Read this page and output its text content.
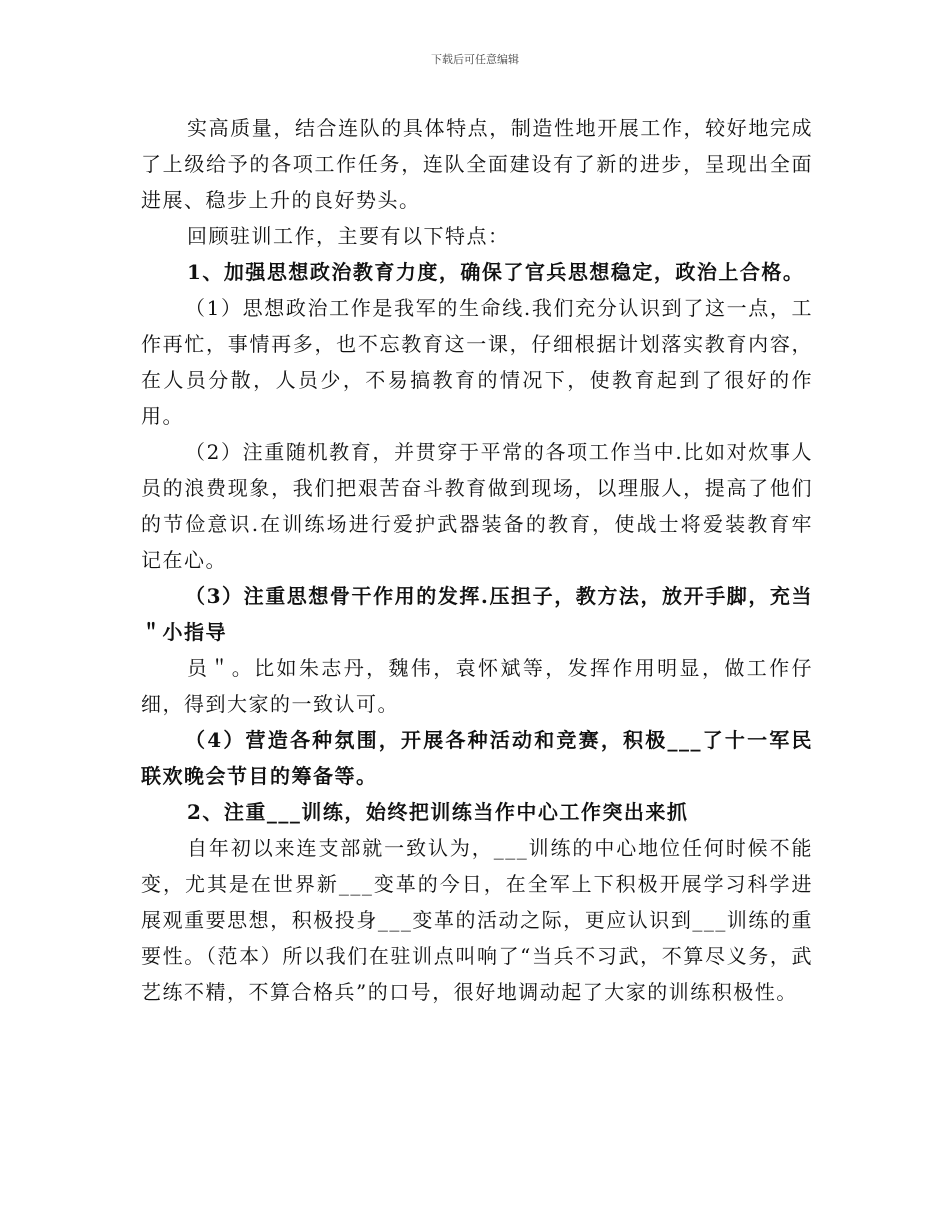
下载后可任意编辑

实高质量，结合连队的具体特点，制造性地开展工作，较好地完成了上级给予的各项工作任务，连队全面建设有了新的进步，呈现出全面进展、稳步上升的良好势头。

回顾驻训工作，主要有以下特点：

1、加强思想政治教育力度，确保了官兵思想稳定，政治上合格。

（1）思想政治工作是我军的生命线.我们充分认识到了这一点，工作再忙，事情再多，也不忘教育这一课，仔细根据计划落实教育内容，在人员分散，人员少，不易搞教育的情况下，使教育起到了很好的作用。

（2）注重随机教育，并贯穿于平常的各项工作当中.比如对炊事人员的浪费现象，我们把艰苦奋斗教育做到现场，以理服人，提高了他们的节俭意识.在训练场进行爱护武器装备的教育，使战士将爱装教育牢记在心。

（3）注重思想骨干作用的发挥.压担子，教方法，放开手脚，充当＂小指导

员＂。比如朱志丹，魏伟，袁怀斌等，发挥作用明显，做工作仔细，得到大家的一致认可。

（4）营造各种氛围，开展各种活动和竞赛，积极___了十一军民联欢晚会节目的筹备等。

2、注重___训练，始终把训练当作中心工作突出来抓

自年初以来连支部就一致认为，___训练的中心地位任何时候不能变，尤其是在世界新___变革的今日，在全军上下积极开展学习科学进展观重要思想，积极投身___变革的活动之际，更应认识到___训练的重要性。（范本）所以我们在驻训点叫响了“当兵不习武，不算尽义务，武艺练不精，不算合格兵”的口号，很好地调动起了大家的训练积极性。
